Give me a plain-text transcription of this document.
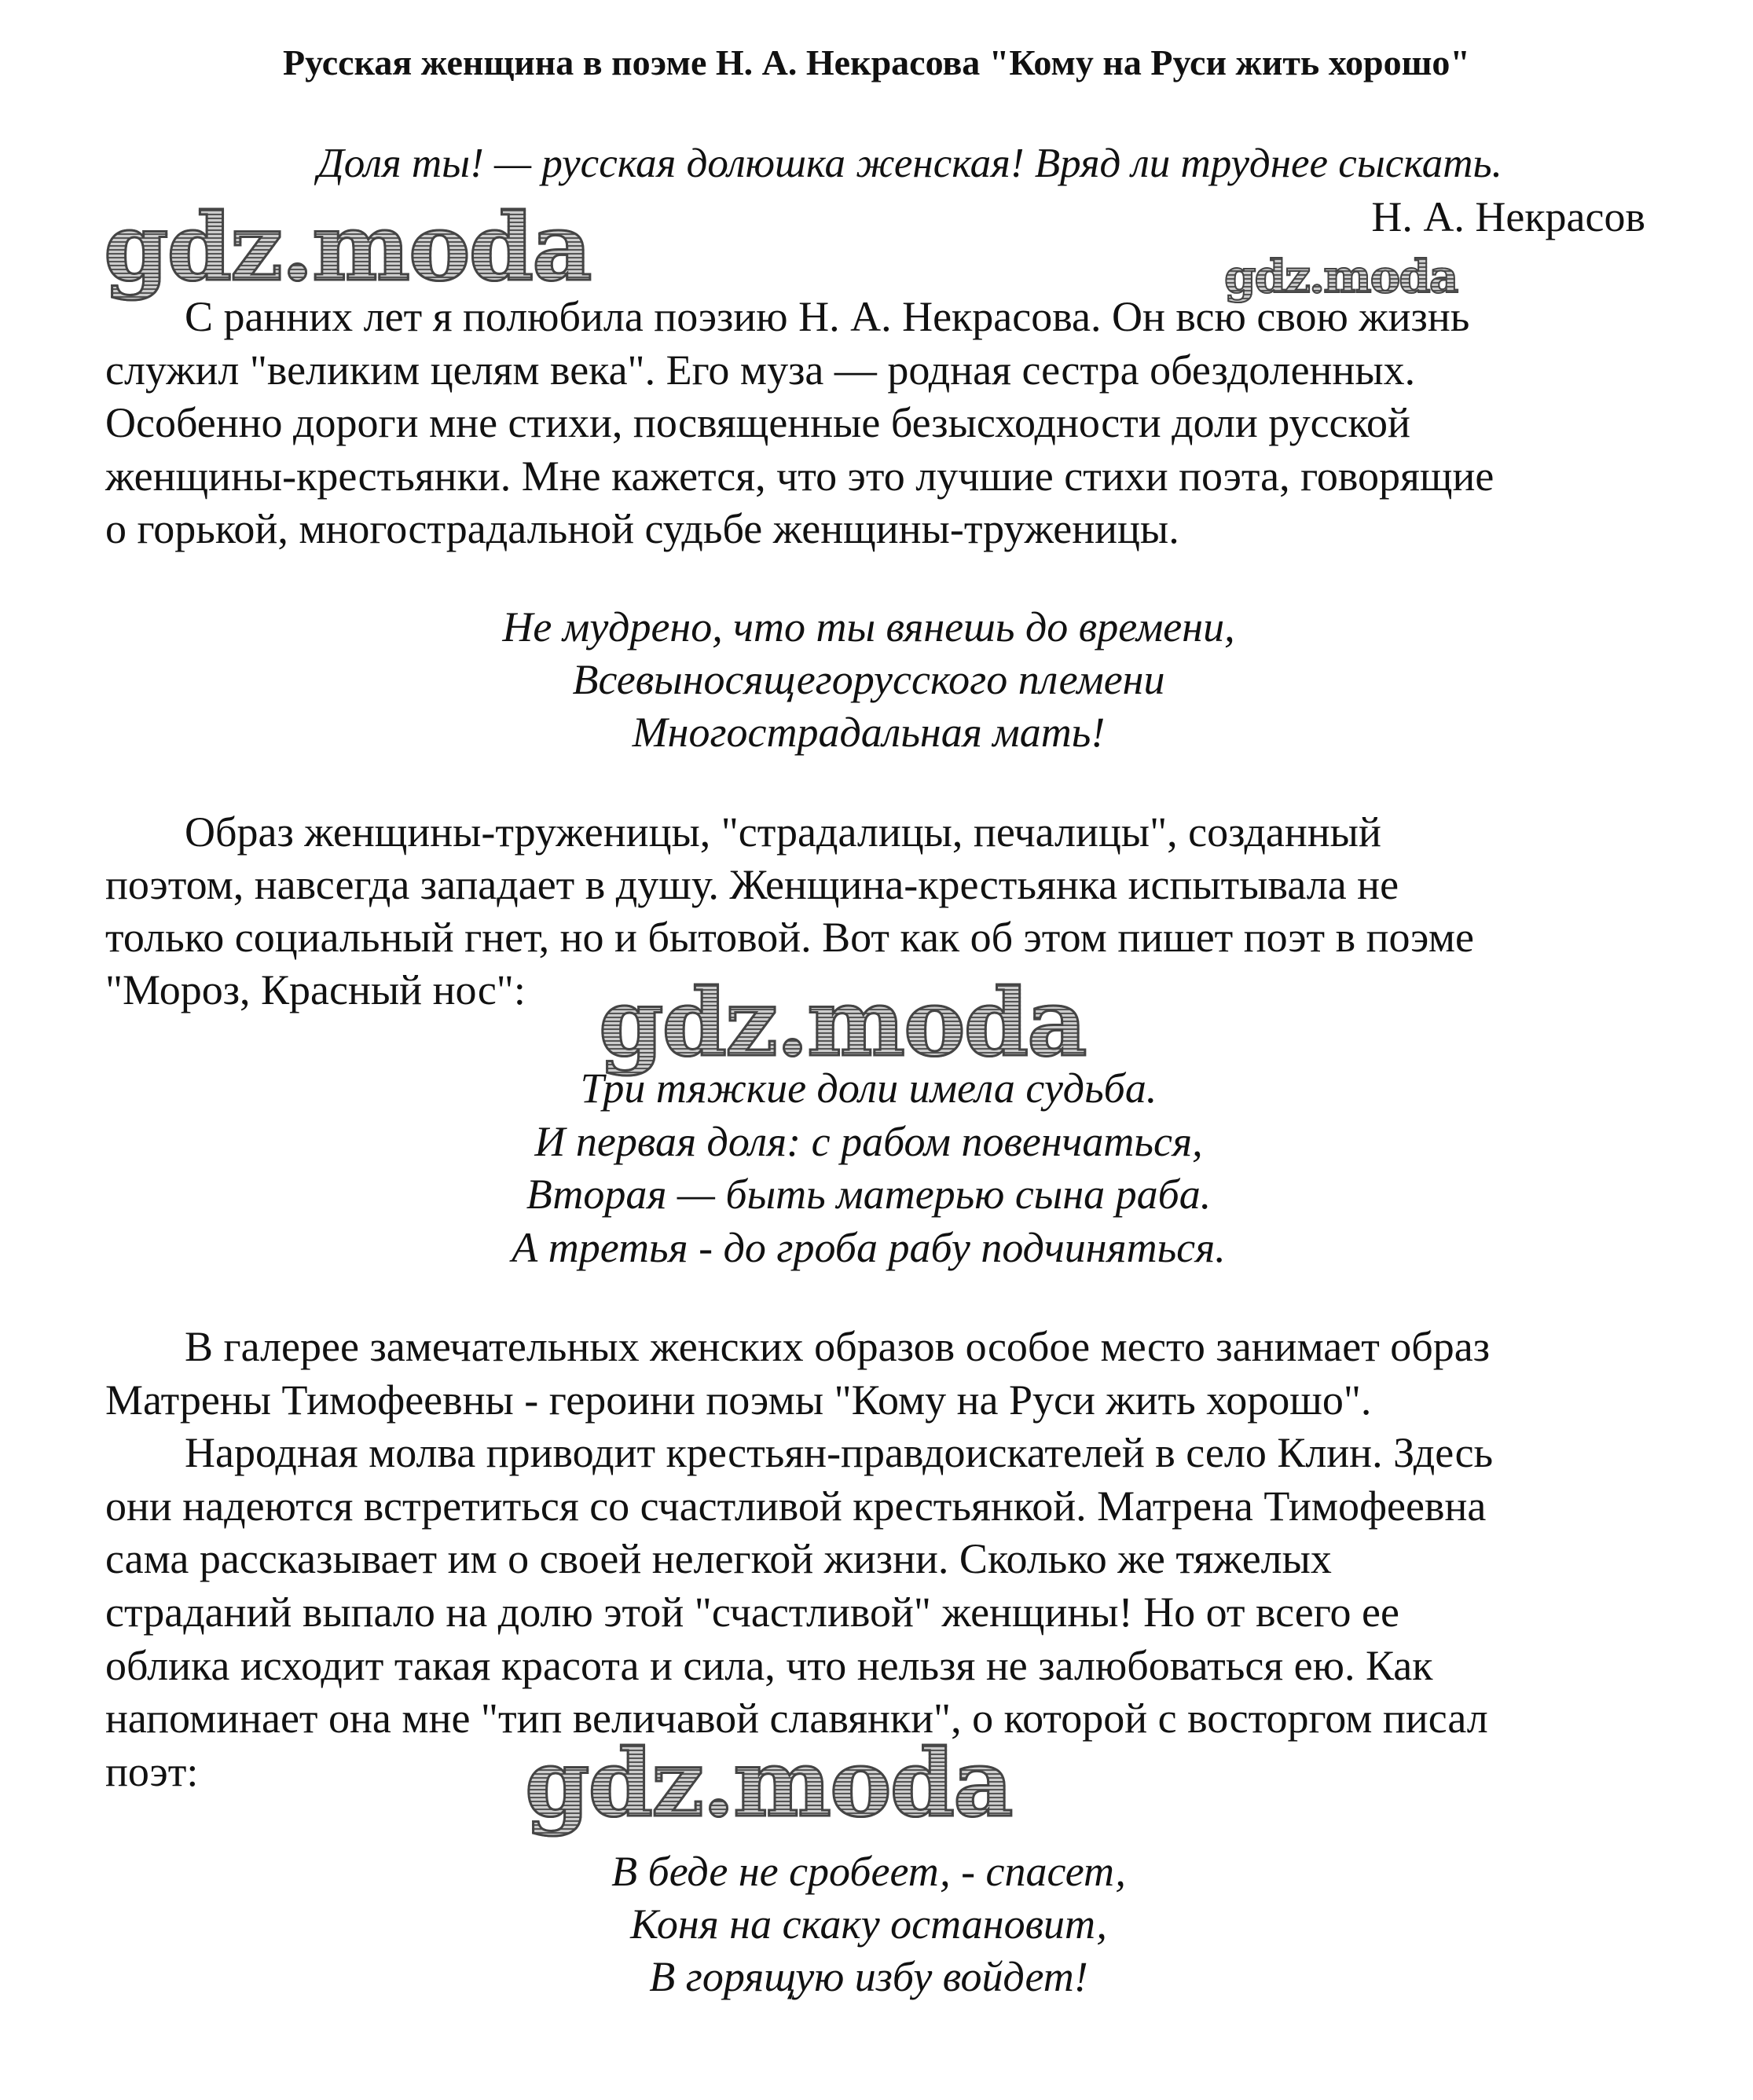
Русская женщина в поэме Н. А. Некрасова "Кому на Руси жить хорошо"
Доля ты! — русская долюшка женская! Вряд ли труднее сыскать.
Н. А. Некрасов
gdz.moda	gdz.moda
gdz.moda
gdz.moda
С ранних лет я полюбила поэзию Н. А. Некрасова. Он всю свою жизнь
служил "великим целям века". Его муза — родная сестра обездоленных.
Особенно дороги мне стихи, посвященные безысходности доли русской
женщины-крестьянки. Мне кажется, что это лучшие стихи поэта, говорящие
о горькой, многострадальной судьбе женщины-труженицы.
Не мудрено, что ты вянешь до времени,
Всевыносящегорусского племени
Многострадальная мать!
Образ женщины-труженицы, "страдалицы, печалицы", созданный
поэтом, навсегда западает в душу. Женщина-крестьянка испытывала не
только социальный гнет, но и бытовой. Вот как об этом пишет поэт в поэме
"Мороз, Красный нос":
Три тяжкие доли имела судьба.
И первая доля: с рабом повенчаться,
Вторая — быть матерью сына раба.
А третья - до гроба рабу подчиняться.
В галерее замечательных женских образов особое место занимает образ
Матрены Тимофеевны - героини поэмы "Кому на Руси жить хорошо".
Народная молва приводит крестьян-правдоискателей в село Клин. Здесь
они надеются встретиться со счастливой крестьянкой. Матрена Тимофеевна
сама рассказывает им о своей нелегкой жизни. Сколько же тяжелых
страданий выпало на долю этой "счастливой" женщины! Но от всего ее
облика исходит такая красота и сила, что нельзя не залюбоваться ею. Как
напоминает она мне "тип величавой славянки", о которой с восторгом писал
поэт:
В беде не сробеет, - спасет,
Коня на скаку остановит,
В горящую избу войдет!
